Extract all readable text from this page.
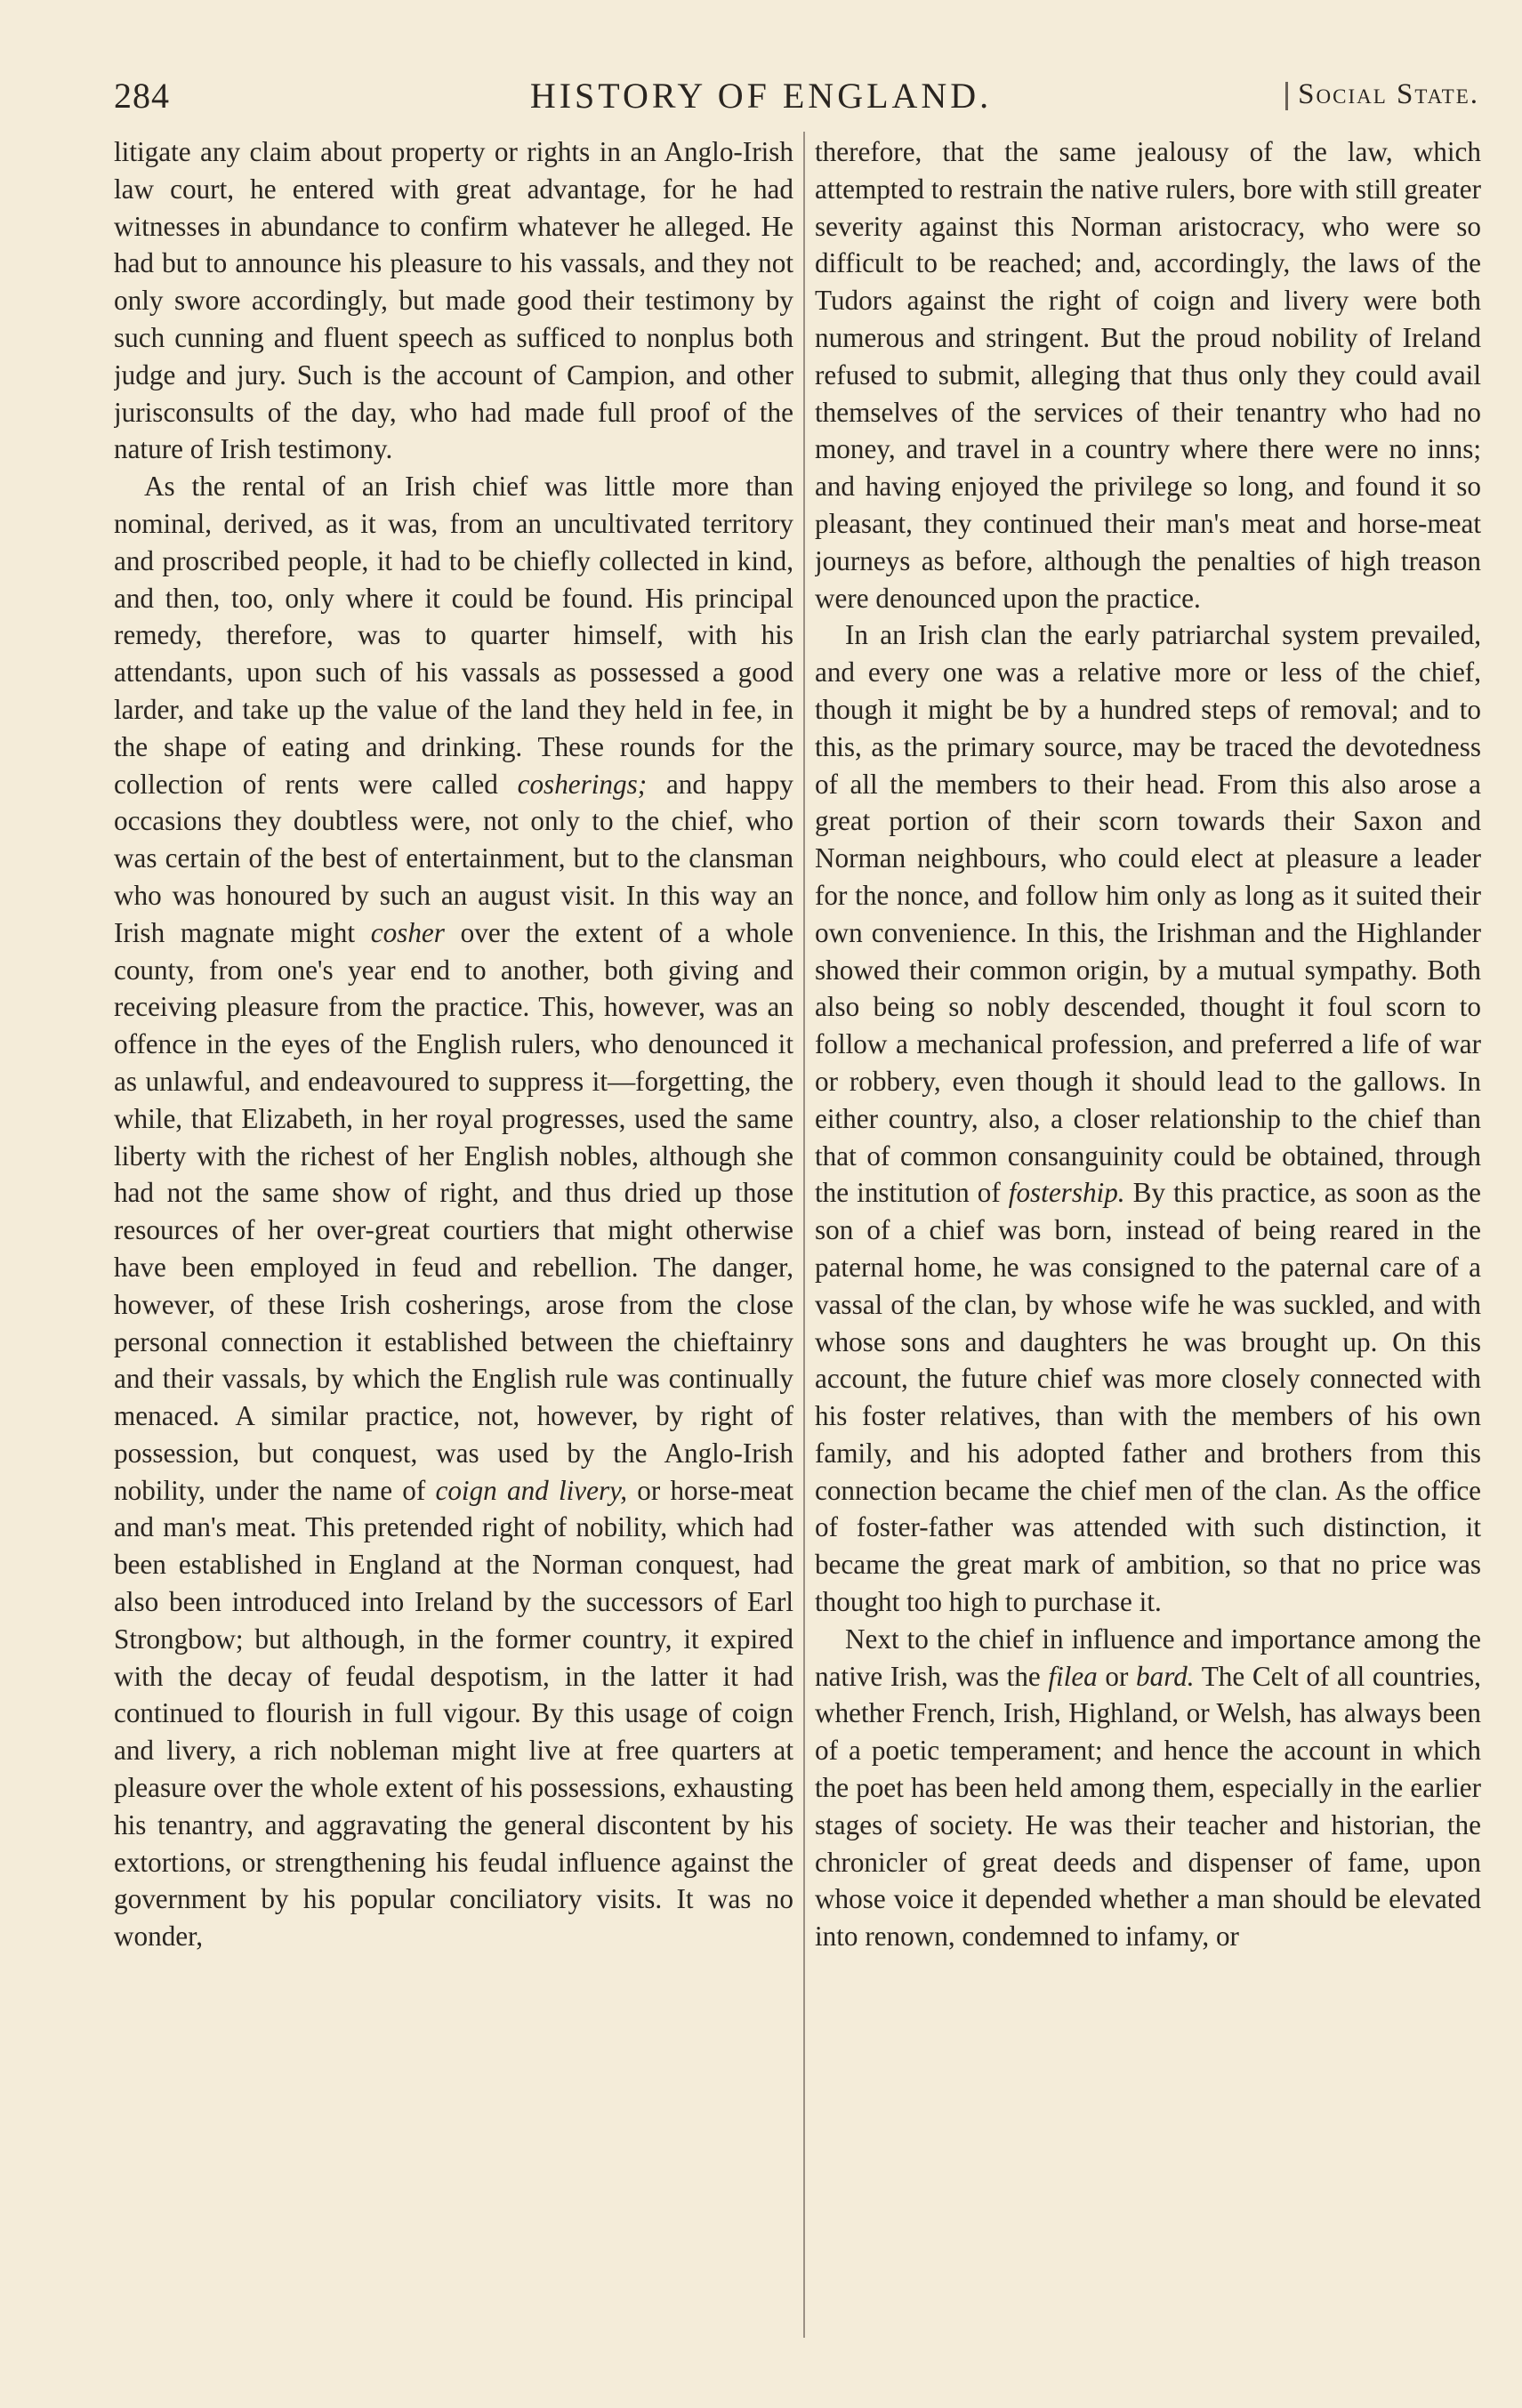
284	HISTORY OF ENGLAND.	Social State.

litigate any claim about property or rights in an Anglo-Irish law court, he entered with great advantage, for he had witnesses in abundance to confirm whatever he alleged. He had but to announce his pleasure to his vassals, and they not only swore accordingly, but made good their testimony by such cunning and fluent speech as sufficed to nonplus both judge and jury. Such is the account of Campion, and other jurisconsults of the day, who had made full proof of the nature of Irish testimony.

As the rental of an Irish chief was little more than nominal, derived, as it was, from an uncultivated territory and proscribed people, it had to be chiefly collected in kind, and then, too, only where it could be found. His principal remedy, therefore, was to quarter himself, with his attendants, upon such of his vassals as possessed a good larder, and take up the value of the land they held in fee, in the shape of eating and drinking. These rounds for the collection of rents were called cosherings; and happy occasions they doubtless were, not only to the chief, who was certain of the best of entertainment, but to the clansman who was honoured by such an august visit. In this way an Irish magnate might cosher over the extent of a whole county, from one's year end to another, both giving and receiving pleasure from the practice. This, however, was an offence in the eyes of the English rulers, who denounced it as unlawful, and endeavoured to suppress it—forgetting, the while, that Elizabeth, in her royal progresses, used the same liberty with the richest of her English nobles, although she had not the same show of right, and thus dried up those resources of her over-great courtiers that might otherwise have been employed in feud and rebellion. The danger, however, of these Irish cosherings, arose from the close personal connection it established between the chieftainry and their vassals, by which the English rule was continually menaced. A similar practice, not, however, by right of possession, but conquest, was used by the Anglo-Irish nobility, under the name of coign and livery, or horse-meat and man's meat. This pretended right of nobility, which had been established in England at the Norman conquest, had also been introduced into Ireland by the successors of Earl Strongbow; but although, in the former country, it expired with the decay of feudal despotism, in the latter it had continued to flourish in full vigour. By this usage of coign and livery, a rich nobleman might live at free quarters at pleasure over the whole extent of his possessions, exhausting his tenantry, and aggravating the general discontent by his extortions, or strengthening his feudal influence against the government by his popular conciliatory visits. It was no wonder,

therefore, that the same jealousy of the law, which attempted to restrain the native rulers, bore with still greater severity against this Norman aristocracy, who were so difficult to be reached; and, accordingly, the laws of the Tudors against the right of coign and livery were both numerous and stringent. But the proud nobility of Ireland refused to submit, alleging that thus only they could avail themselves of the services of their tenantry who had no money, and travel in a country where there were no inns; and having enjoyed the privilege so long, and found it so pleasant, they continued their man's meat and horse-meat journeys as before, although the penalties of high treason were denounced upon the practice.

In an Irish clan the early patriarchal system prevailed, and every one was a relative more or less of the chief, though it might be by a hundred steps of removal; and to this, as the primary source, may be traced the devotedness of all the members to their head. From this also arose a great portion of their scorn towards their Saxon and Norman neighbours, who could elect at pleasure a leader for the nonce, and follow him only as long as it suited their own convenience. In this, the Irishman and the Highlander showed their common origin, by a mutual sympathy. Both also being so nobly descended, thought it foul scorn to follow a mechanical profession, and preferred a life of war or robbery, even though it should lead to the gallows. In either country, also, a closer relationship to the chief than that of common consanguinity could be obtained, through the institution of fostership. By this practice, as soon as the son of a chief was born, instead of being reared in the paternal home, he was consigned to the paternal care of a vassal of the clan, by whose wife he was suckled, and with whose sons and daughters he was brought up. On this account, the future chief was more closely connected with his foster relatives, than with the members of his own family, and his adopted father and brothers from this connection became the chief men of the clan. As the office of foster-father was attended with such distinction, it became the great mark of ambition, so that no price was thought too high to purchase it.

Next to the chief in influence and importance among the native Irish, was the filea or bard. The Celt of all countries, whether French, Irish, Highland, or Welsh, has always been of a poetic temperament; and hence the account in which the poet has been held among them, especially in the earlier stages of society. He was their teacher and historian, the chronicler of great deeds and dispenser of fame, upon whose voice it depended whether a man should be elevated into renown, condemned to infamy, or
